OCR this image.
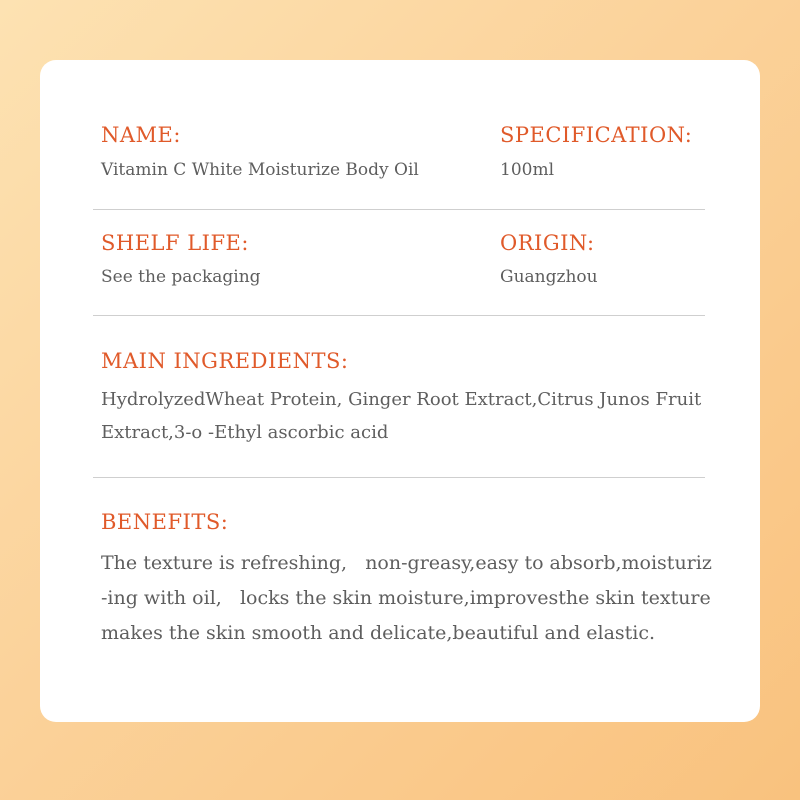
NAME:

Vitamin C White Moisturize Body Oil

SPECIFICATION:

100ml

SHELF LIFE:

See the packaging

ORIGIN:

Guangzhou

MAIN INGREDIENTS:

HydrolyzedWheat Protein, Ginger Root Extract,Citrus Junos Fruit Extract,3-o -Ethyl ascorbic acid

BENEFITS:

The texture is refreshing,   non-greasy,easy to absorb,moisturiz
-ing with oil,   locks the skin moisture,improvesthe skin texture
makes the skin smooth and delicate,beautiful and elastic.
